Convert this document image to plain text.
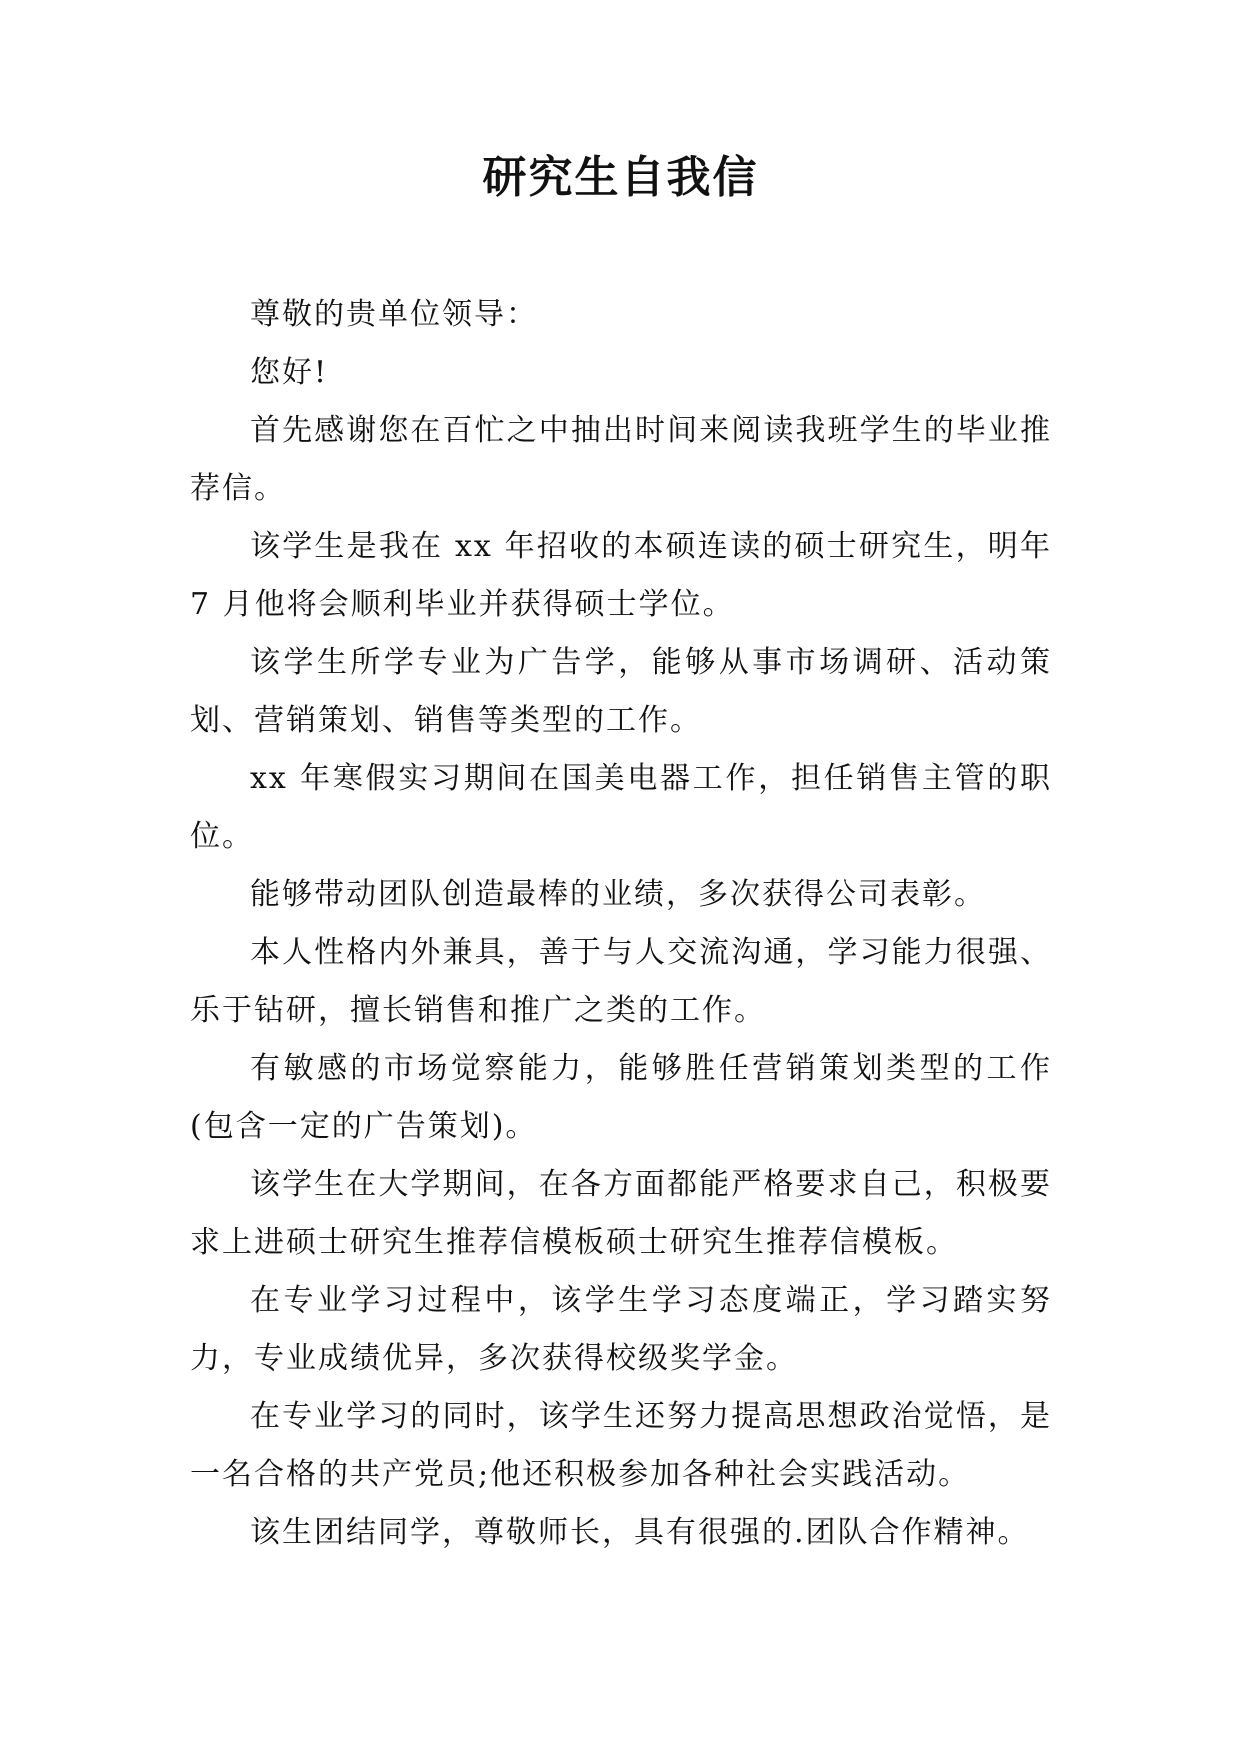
研究生自我信

尊敬的贵单位领导：

您好!

首先感谢您在百忙之中抽出时间来阅读我班学生的毕业推荐信。

该学生是我在 xx 年招收的本硕连读的硕士研究生，明年 7 月他将会顺利毕业并获得硕士学位。

该学生所学专业为广告学，能够从事市场调研、活动策划、营销策划、销售等类型的工作。

xx 年寒假实习期间在国美电器工作，担任销售主管的职位。

能够带动团队创造最棒的业绩，多次获得公司表彰。

本人性格内外兼具，善于与人交流沟通，学习能力很强、乐于钻研，擅长销售和推广之类的工作。

有敏感的市场觉察能力，能够胜任营销策划类型的工作(包含一定的广告策划)。

该学生在大学期间，在各方面都能严格要求自己，积极要求上进硕士研究生推荐信模板硕士研究生推荐信模板。

在专业学习过程中，该学生学习态度端正，学习踏实努力，专业成绩优异，多次获得校级奖学金。

在专业学习的同时，该学生还努力提高思想政治觉悟，是一名合格的共产党员;他还积极参加各种社会实践活动。

该生团结同学，尊敬师长，具有很强的.团队合作精神。
